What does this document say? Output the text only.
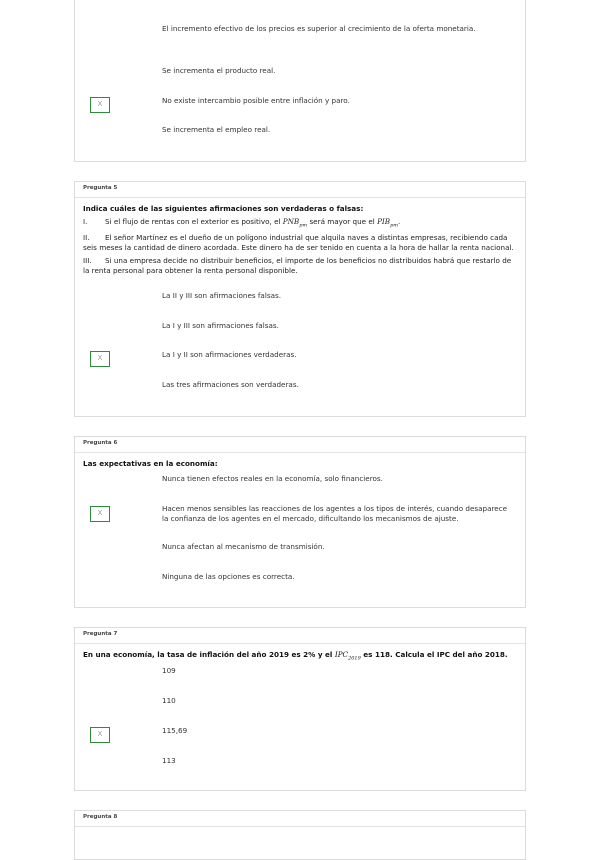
El incremento efectivo de los precios es superior al crecimiento de la oferta monetaria.
Se incrementa el producto real.
X	No existe intercambio posible entre inflación y paro.
Se incrementa el empleo real.
Pregunta 5
Indica cuáles de las siguientes afirmaciones son verdaderas o falsas:
I. Si el flujo de rentas con el exterior es positivo, el $PNB_{pm}$ será mayor que el $PIB_{pm}$.
II. El señor Martínez es el dueño de un polígono industrial que alquila naves a distintas empresas, recibiendo cada seis meses la cantidad de dinero acordada. Este dinero ha de ser tenido en cuenta a la hora de hallar la renta nacional.
III. Si una empresa decide no distribuir beneficios, el importe de los beneficios no distribuidos habrá que restarlo de la renta personal para obtener la renta personal disponible.
La II y III son afirmaciones falsas.
La I y III son afirmaciones falsas.
X	La I y II son afirmaciones verdaderas.
Las tres afirmaciones son verdaderas.
Pregunta 6
Las expectativas en la economía:
Nunca tienen efectos reales en la economía, solo financieros.
X	Hacen menos sensibles las reacciones de los agentes a los tipos de interés, cuando desaparece la confianza de los agentes en el mercado, dificultando los mecanismos de ajuste.
Nunca afectan al mecanismo de transmisión.
Ninguna de las opciones es correcta.
Pregunta 7
En una economía, la tasa de inflación del año 2019 es 2% y el $IPC_{2019}$ es 118. Calcula el IPC del año 2018.
109
110
X	115,69
113
Pregunta 8
